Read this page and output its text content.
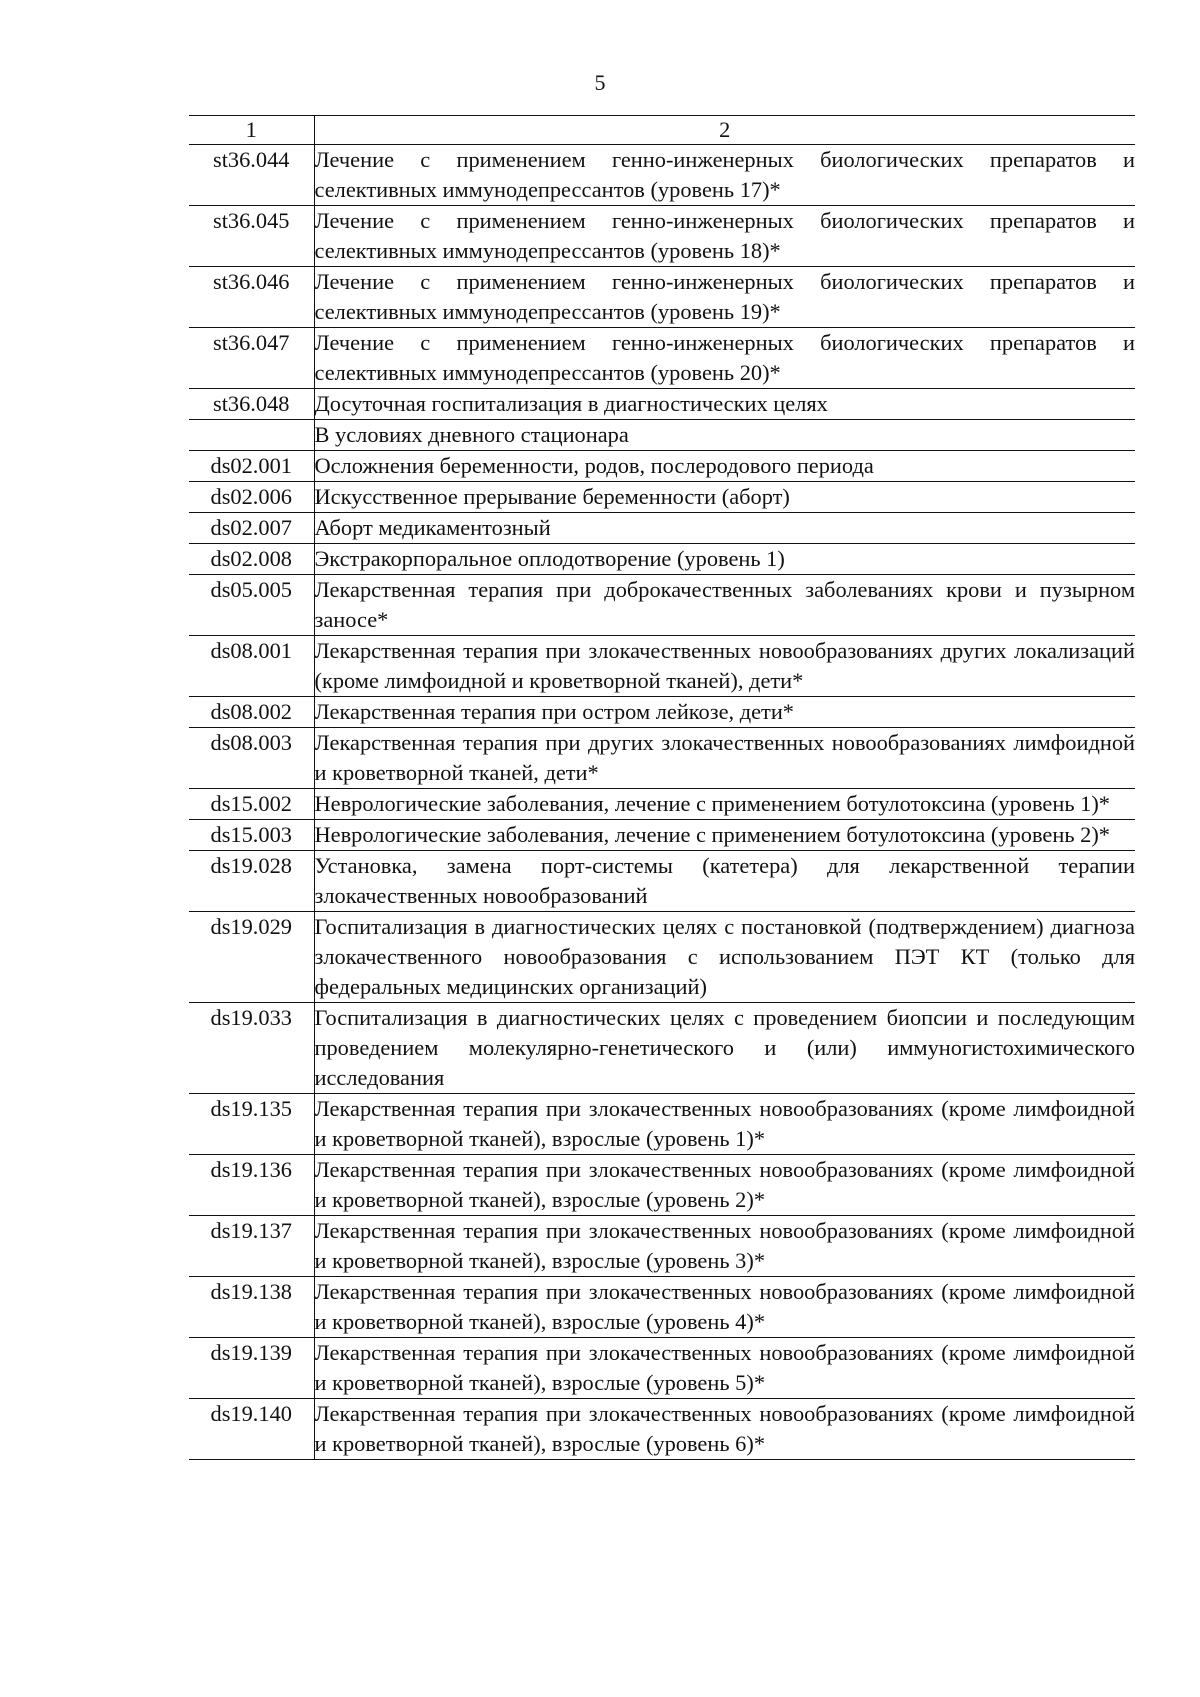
5
1	2
st36.044	Лечение с применением генно-инженерных биологических препаратов и селективных иммунодепрессантов (уровень 17)*
st36.045	Лечение с применением генно-инженерных биологических препаратов и селективных иммунодепрессантов (уровень 18)*
st36.046	Лечение с применением генно-инженерных биологических препаратов и селективных иммунодепрессантов (уровень 19)*
st36.047	Лечение с применением генно-инженерных биологических препаратов и селективных иммунодепрессантов (уровень 20)*
st36.048	Досуточная госпитализация в диагностических целях
	В условиях дневного стационара
ds02.001	Осложнения беременности, родов, послеродового периода
ds02.006	Искусственное прерывание беременности (аборт)
ds02.007	Аборт медикаментозный
ds02.008	Экстракорпоральное оплодотворение (уровень 1)
ds05.005	Лекарственная терапия при доброкачественных заболеваниях крови и пузырном заносе*
ds08.001	Лекарственная терапия при злокачественных новообразованиях других локализаций (кроме лимфоидной и кроветворной тканей), дети*
ds08.002	Лекарственная терапия при остром лейкозе, дети*
ds08.003	Лекарственная терапия при других злокачественных новообразованиях лимфоидной и кроветворной тканей, дети*
ds15.002	Неврологические заболевания, лечение с применением ботулотоксина (уровень 1)*
ds15.003	Неврологические заболевания, лечение с применением ботулотоксина (уровень 2)*
ds19.028	Установка, замена порт-системы (катетера) для лекарственной терапии злокачественных новообразований
ds19.029	Госпитализация в диагностических целях с постановкой (подтверждением) диагноза злокачественного новообразования с использованием ПЭТ КТ (только для федеральных медицинских организаций)
ds19.033	Госпитализация в диагностических целях с проведением биопсии и последующим проведением молекулярно-генетического и (или) иммуногистохимического исследования
ds19.135	Лекарственная терапия при злокачественных новообразованиях (кроме лимфоидной и кроветворной тканей), взрослые (уровень 1)*
ds19.136	Лекарственная терапия при злокачественных новообразованиях (кроме лимфоидной и кроветворной тканей), взрослые (уровень 2)*
ds19.137	Лекарственная терапия при злокачественных новообразованиях (кроме лимфоидной и кроветворной тканей), взрослые (уровень 3)*
ds19.138	Лекарственная терапия при злокачественных новообразованиях (кроме лимфоидной и кроветворной тканей), взрослые (уровень 4)*
ds19.139	Лекарственная терапия при злокачественных новообразованиях (кроме лимфоидной и кроветворной тканей), взрослые (уровень 5)*
ds19.140	Лекарственная терапия при злокачественных новообразованиях (кроме лимфоидной и кроветворной тканей), взрослые (уровень 6)*
